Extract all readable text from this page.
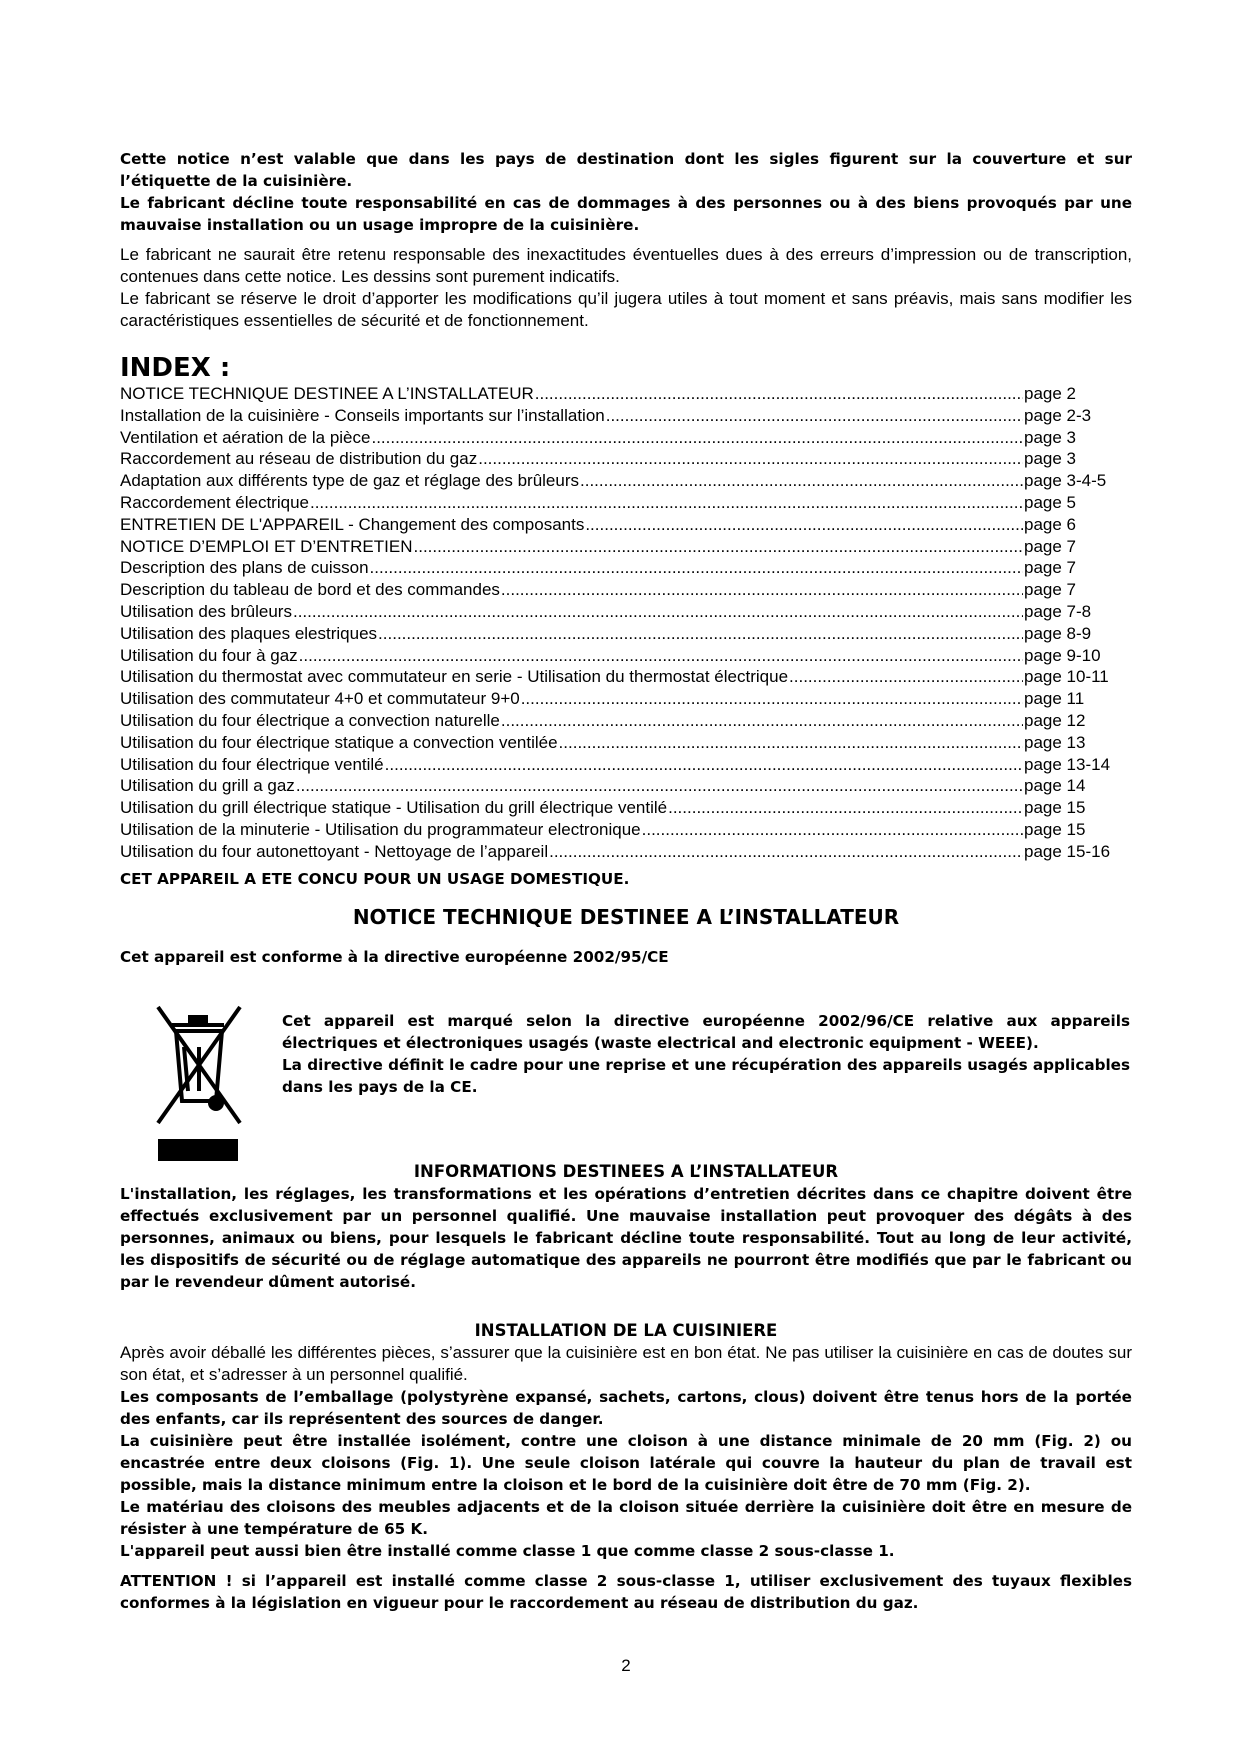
Cette notice n’est valable que dans les pays de destination dont les sigles figurent sur la couverture et sur l’étiquette de la cuisinière.

Le fabricant décline toute responsabilité en cas de dommages à des personnes ou à des biens provoqués par une mauvaise installation ou un usage impropre de la cuisinière.

Le fabricant ne saurait être retenu responsable des inexactitudes éventuelles dues à des erreurs d’impression ou de transcription, contenues dans cette notice. Les dessins sont purement indicatifs.

Le fabricant se réserve le droit d’apporter les modifications qu’il jugera utiles à tout moment et sans préavis, mais sans modifier les caractéristiques essentielles de sécurité et de fonctionnement.

INDEX :
NOTICE TECHNIQUE DESTINEE A L’INSTALLATEUR .....	page 2
Installation de la cuisinière - Conseils importants sur l’installation .....	page 2-3
Ventilation et aération de la pièce .....	page 3
Raccordement au réseau de distribution du gaz .....	page 3
Adaptation aux différents type de gaz et réglage des brûleurs .....	page 3-4-5
Raccordement électrique .....	page 5
ENTRETIEN DE L'APPAREIL - Changement des composants .....	page 6
NOTICE D’EMPLOI ET D’ENTRETIEN .....	page 7
Description des plans de cuisson .....	page 7
Description du tableau de bord et des commandes .....	page 7
Utilisation des brûleurs .....	page 7-8
Utilisation des plaques elestriques .....	page 8-9
Utilisation du four à gaz .....	page 9-10
Utilisation du thermostat avec commutateur en serie - Utilisation du thermostat électrique .....	page 10-11
Utilisation des commutateur 4+0 et commutateur 9+0 .....	page 11
Utilisation du four électrique a convection naturelle .....	page 12
Utilisation du four électrique statique a convection ventilée .....	page 13
Utilisation du four électrique ventilé .....	page 13-14
Utilisation du grill a gaz .....	page 14
Utilisation du grill électrique statique - Utilisation du grill électrique ventilé .....	page 15
Utilisation de la minuterie - Utilisation du programmateur electronique .....	page 15
Utilisation du four autonettoyant - Nettoyage de l’appareil .....	page 15-16
CET APPAREIL A ETE CONCU POUR UN USAGE DOMESTIQUE.
NOTICE TECHNIQUE DESTINEE A L’INSTALLATEUR
Cet appareil est conforme à la directive européenne 2002/95/CE

Cet appareil est marqué selon la directive européenne 2002/96/CE relative aux appareils électriques et électroniques usagés (waste electrical and electronic equipment - WEEE).

La directive définit le cadre pour une reprise et une récupération des appareils usagés applicables dans les pays de la CE.

INFORMATIONS DESTINEES A L’INSTALLATEUR

L'installation, les réglages, les transformations et les opérations d’entretien décrites dans ce chapitre doivent être effectués exclusivement par un personnel qualifié. Une mauvaise installation peut provoquer des dégâts à des personnes, animaux ou biens, pour lesquels le fabricant décline toute responsabilité. Tout au long de leur activité, les dispositifs de sécurité ou de réglage automatique des appareils ne pourront être modifiés que par le fabricant ou par le revendeur dûment autorisé.

INSTALLATION DE LA CUISINIERE

Après avoir déballé les différentes pièces, s’assurer que la cuisinière est en bon état. Ne pas utiliser la cuisinière en cas de doutes sur son état, et s’adresser à un personnel qualifié.

Les composants de l’emballage (polystyrène expansé, sachets, cartons, clous) doivent être tenus hors de la portée des enfants, car ils représentent des sources de danger.

La cuisinière peut être installée isolément, contre une cloison à une distance minimale de 20 mm (Fig. 2) ou encastrée entre deux cloisons (Fig. 1). Une seule cloison latérale qui couvre la hauteur du plan de travail est possible, mais la distance minimum entre la cloison et le bord de la cuisinière doit être de 70 mm (Fig. 2).

Le matériau des cloisons des meubles adjacents et de la cloison située derrière la cuisinière doit être en mesure de résister à une température de 65 K.

L'appareil peut aussi bien être installé comme classe 1 que comme classe 2 sous-classe 1.

ATTENTION ! si l’appareil est installé comme classe 2 sous-classe 1, utiliser exclusivement des tuyaux flexibles conformes à la législation en vigueur pour le raccordement au réseau de distribution du gaz.

2
